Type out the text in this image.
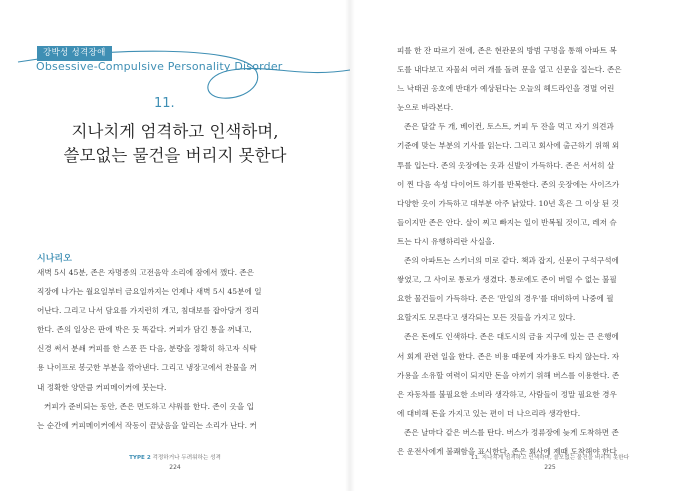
강박성 성격장애
Obsessive-Compulsive Personality Disorder
11.
지나치게 엄격하고 인색하며,
쓸모없는 물건을 버리지 못한다
시나리오
새벽 5시 45분, 존은 자명종의 고전음악 소리에 잠에서 깼다. 존은
직장에 나가는 월요일부터 금요일까지는 언제나 새벽 5시 45분에 일
어난다. 그리고 나서 담요를 가지런히 개고, 침대보를 잡아당겨 정리
한다. 존의 일상은 판에 박은 듯 똑같다. 커피가 담긴 통을 꺼내고,
신경 써서 분쇄 커피를 한 스푼 뜬 다음, 분량을 정확히 하고자 식탁
용 나이프로 봉긋한 부분을 깎아낸다. 그리고 냉장고에서 찬물을 꺼
내 정확한 양만큼 커피메이커에 붓는다.
커피가 준비되는 동안, 존은 면도하고 샤워를 한다. 존이 옷을 입
는 순간에 커피메이커에서 작동이 끝났음을 알리는 소리가 난다. 커
TYPE 2 걱정하거나 두려워하는 성격
224
피를 한 잔 따르기 전에, 존은 현관문의 방범 구멍을 통해 아파트 복
도를 내다보고 자물쇠 여러 개를 돌려 문을 열고 신문을 집는다. 존은
느 낙태권 옹호에 반대가 예상된다는 오늘의 헤드라인을 경멸 어린
눈으로 바라본다.
존은 달걀 두 개, 베이컨, 토스트, 커피 두 잔을 먹고 자기 의견과
기준에 맞는 부분의 기사를 읽는다. 그리고 회사에 출근하기 위해 외
투를 입는다. 존의 옷장에는 옷과 신발이 가득하다. 존은 서서히 살
이 찐 다음 속성 다이어트 하기를 반복한다. 존의 옷장에는 사이즈가
다양한 옷이 가득하고 대부분 아주 낡았다. 10년 혹은 그 이상 된 것
들이지만 존은 안다. 살이 찌고 빠지는 일이 반복될 것이고, 레저 슈
트는 다시 유행하리란 사실을.
존의 아파트는 스키너의 미로 같다. 책과 잡지, 신문이 구석구석에
쌓였고, 그 사이로 통로가 생겼다. 통로에도 존이 버릴 수 없는 불필
요한 물건들이 가득하다. 존은 '만일의 경우'를 대비하여 나중에 필
요할지도 모른다고 생각되는 모든 것들을 가지고 있다.
존은 돈에도 인색하다. 존은 대도시의 금융 지구에 있는 큰 은행에
서 회계 관련 일을 한다. 존은 비용 때문에 자가용도 타지 않는다. 자
가용을 소유할 여력이 되지만 돈을 아끼기 위해 버스를 이용한다. 존
은 자동차를 불필요한 소비라 생각하고, 사람들이 정말 필요한 경우
에 대비해 돈을 가지고 있는 편이 더 나으리라 생각한다.
존은 날마다 같은 버스를 탄다. 버스가 정류장에 늦게 도착하면 존
은 운전사에게 불쾌함을 표시한다. 존은 회사에 제때 도착해야 한다
11. 지나치게 엄격하고 인색하며, 쓸모없는 물건을 버리지 못한다
225
